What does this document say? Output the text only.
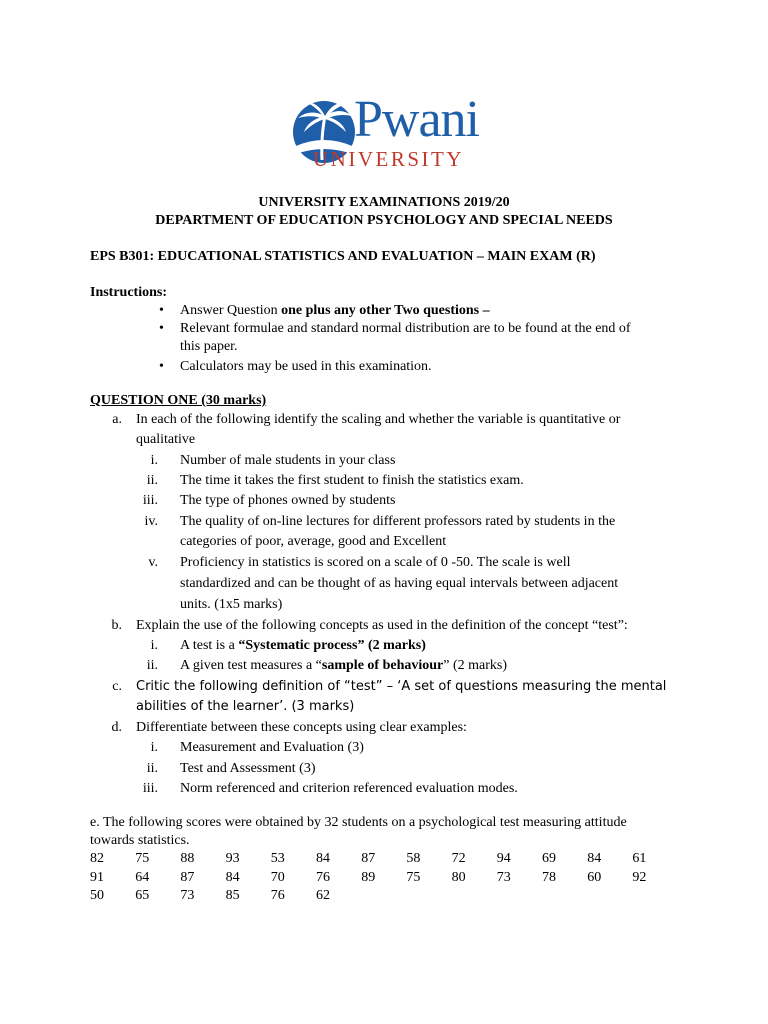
Pwani
UNIVERSITY
UNIVERSITY EXAMINATIONS 2019/20
DEPARTMENT OF EDUCATION PSYCHOLOGY AND SPECIAL NEEDS
EPS B301: EDUCATIONAL STATISTICS AND EVALUATION – MAIN EXAM (R)
Instructions:
• Answer Question one plus any other Two questions –
• Relevant formulae and standard normal distribution are to be found at the end of
this paper.
• Calculators may be used in this examination.
QUESTION ONE (30 marks)
a. In each of the following identify the scaling and whether the variable is quantitative or
qualitative
i. Number of male students in your class
ii. The time it takes the first student to finish the statistics exam.
iii. The type of phones owned by students
iv. The quality of on-line lectures for different professors rated by students in the
categories of poor, average, good and Excellent
v. Proficiency in statistics is scored on a scale of 0 -50. The scale is well
standardized and can be thought of as having equal intervals between adjacent
units. (1x5 marks)
b. Explain the use of the following concepts as used in the definition of the concept “test”:
i. A test is a “Systematic process” (2 marks)
ii. A given test measures a “sample of behaviour” (2 marks)
c. Critic the following definition of “test” – ‘A set of questions measuring the mental
abilities of the learner’. (3 marks)
d. Differentiate between these concepts using clear examples:
i. Measurement and Evaluation (3)
ii. Test and Assessment (3)
iii. Norm referenced and criterion referenced evaluation modes.
e. The following scores were obtained by 32 students on a psychological test measuring attitude
towards statistics.
82 75 88 93 53 84 87 58 72 94 69 84 61
91 64 87 84 70 76 89 75 80 73 78 60 92
50 65 73 85 76 62
